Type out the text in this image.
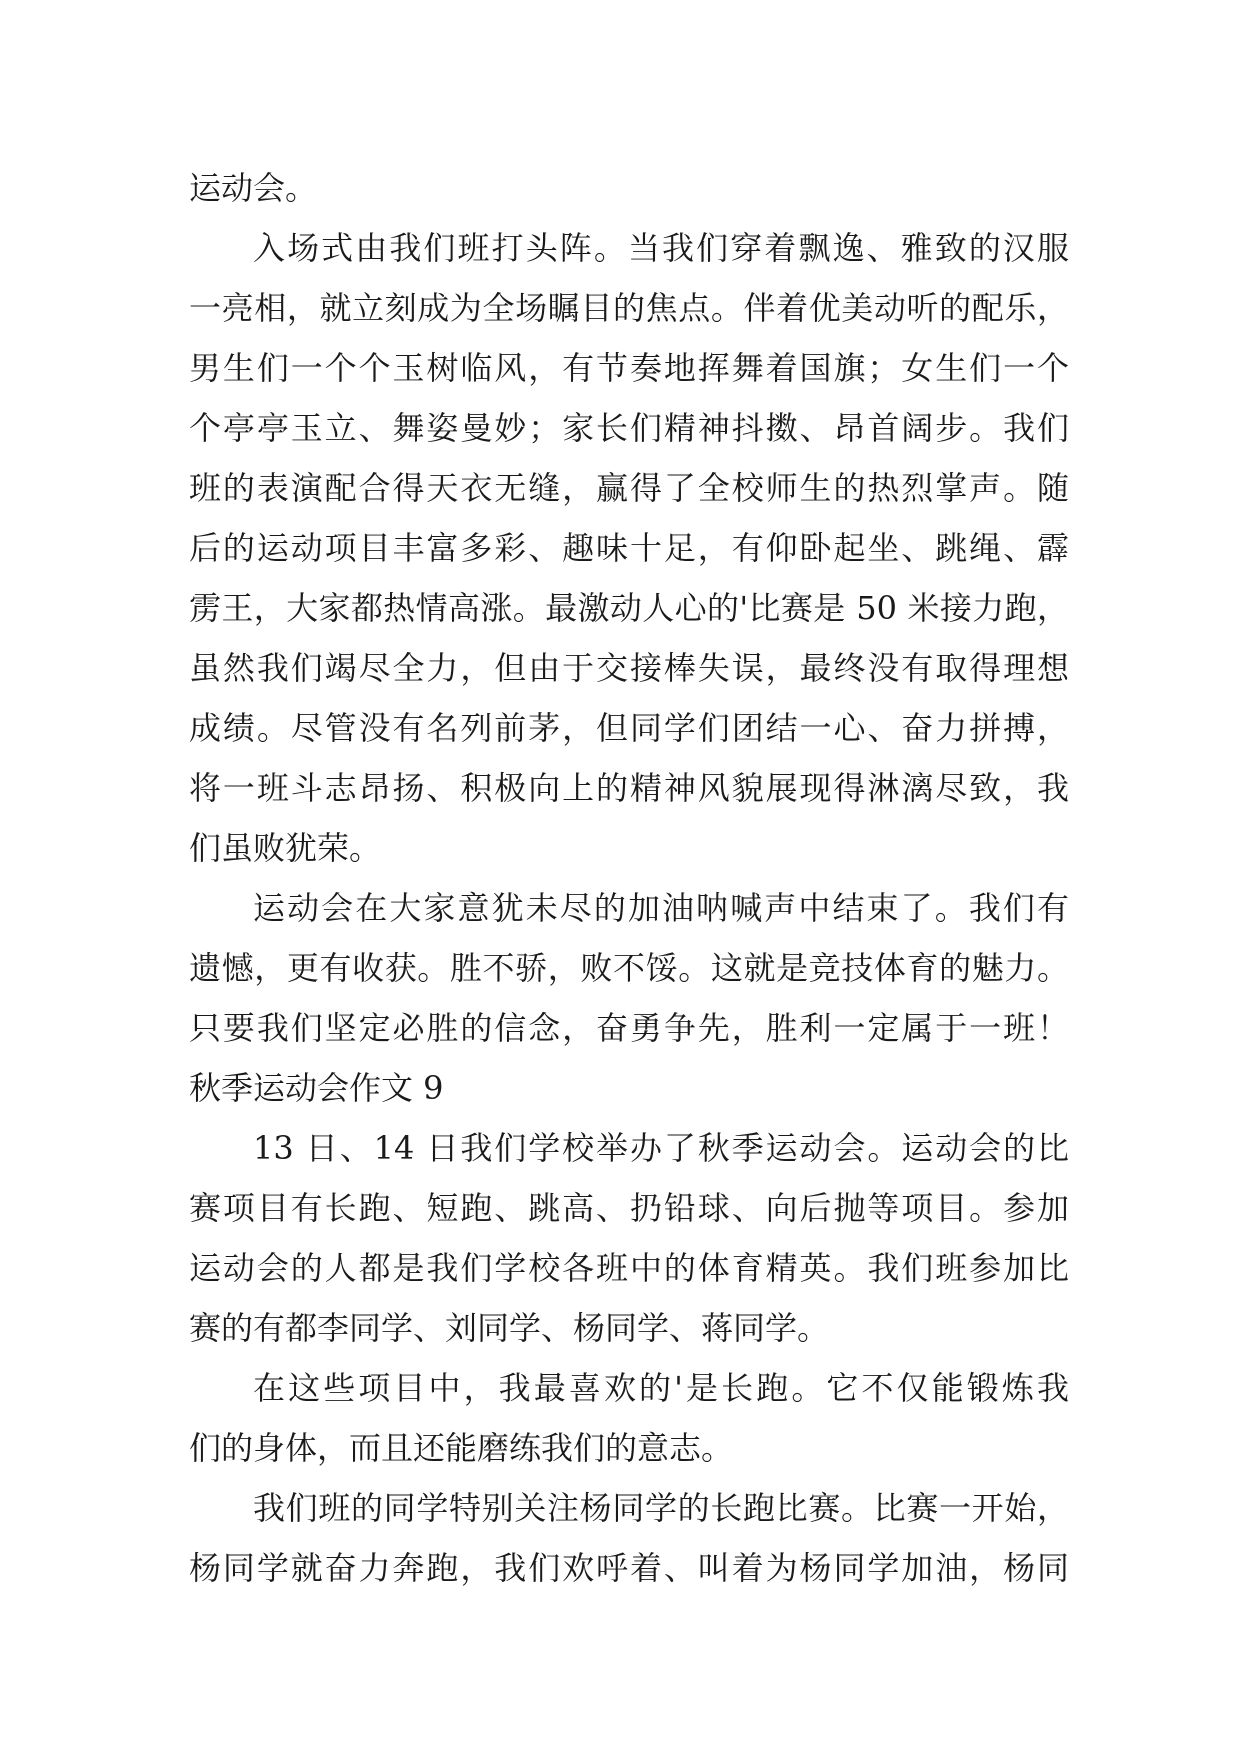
运动会。
入场式由我们班打头阵。当我们穿着飘逸、雅致的汉服
一亮相，就立刻成为全场瞩目的焦点。伴着优美动听的配乐，
男生们一个个玉树临风，有节奏地挥舞着国旗；女生们一个
个亭亭玉立、舞姿曼妙；家长们精神抖擞、昂首阔步。我们
班的表演配合得天衣无缝，赢得了全校师生的热烈掌声。随
后的运动项目丰富多彩、趣味十足，有仰卧起坐、跳绳、霹
雳王，大家都热情高涨。最激动人心的'比赛是 50 米接力跑，
虽然我们竭尽全力，但由于交接棒失误，最终没有取得理想
成绩。尽管没有名列前茅，但同学们团结一心、奋力拼搏，
将一班斗志昂扬、积极向上的精神风貌展现得淋漓尽致，我
们虽败犹荣。
运动会在大家意犹未尽的加油呐喊声中结束了。我们有
遗憾，更有收获。胜不骄，败不馁。这就是竞技体育的魅力。
只要我们坚定必胜的信念，奋勇争先，胜利一定属于一班！
秋季运动会作文 9
13 日、14 日我们学校举办了秋季运动会。运动会的比
赛项目有长跑、短跑、跳高、扔铅球、向后抛等项目。参加
运动会的人都是我们学校各班中的体育精英。我们班参加比
赛的有都李同学、刘同学、杨同学、蒋同学。
在这些项目中，我最喜欢的'是长跑。它不仅能锻炼我
们的身体，而且还能磨练我们的意志。
我们班的同学特别关注杨同学的长跑比赛。比赛一开始，
杨同学就奋力奔跑，我们欢呼着、叫着为杨同学加油，杨同
